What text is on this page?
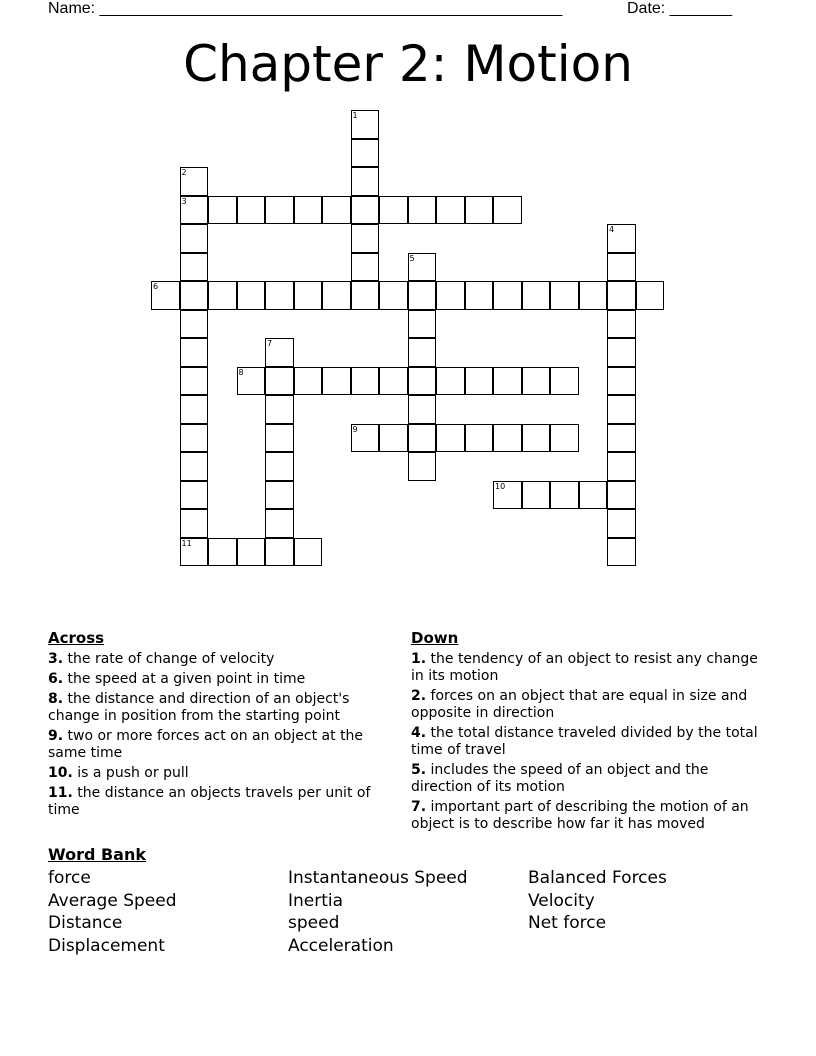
Name: ____________________________________________________	Date: _______
Chapter 2: Motion
1
2
3
4
5
6
7
8
9
10
11
Across
3. the rate of change of velocity
6. the speed at a given point in time
8. the distance and direction of an object's change in position from the starting point
9. two or more forces act on an object at the same time
10. is a push or pull
11. the distance an objects travels per unit of time
Down
1. the tendency of an object to resist any change in its motion
2. forces on an object that are equal in size and opposite in direction
4. the total distance traveled divided by the total time of travel
5. includes the speed of an object and the direction of its motion
7. important part of describing the motion of an object is to describe how far it has moved
Word Bank
force	Instantaneous Speed	Balanced Forces
Average Speed	Inertia	Velocity
Distance	speed	Net force
Displacement	Acceleration
